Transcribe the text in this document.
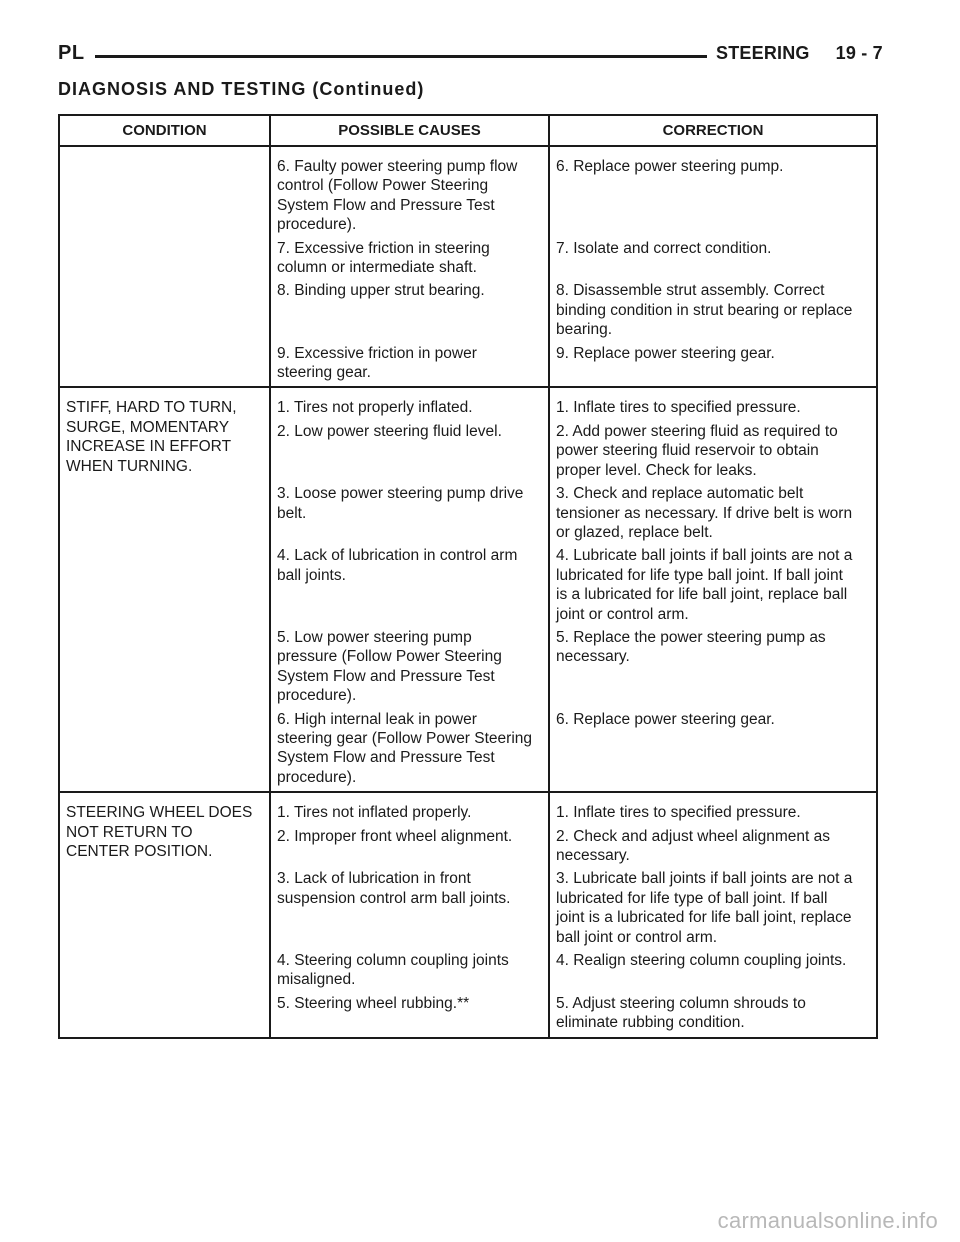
PL	STEERING 19 - 7
DIAGNOSIS AND TESTING (Continued)
CONDITION	POSSIBLE CAUSES	CORRECTION

	6. Faulty power steering pump flow
control (Follow Power Steering
System Flow and Pressure Test
procedure).	6. Replace power steering pump.

	7. Excessive friction in steering
column or intermediate shaft.	7. Isolate and correct condition.

	8. Binding upper strut bearing.	8. Disassemble strut assembly. Correct
binding condition in strut bearing or replace
bearing.

	9. Excessive friction in power
steering gear.	9. Replace power steering gear.

STIFF, HARD TO TURN,
SURGE, MOMENTARY
INCREASE IN EFFORT
WHEN TURNING.	1. Tires not properly inflated.	1. Inflate tires to specified pressure.

	2. Low power steering fluid level.	2. Add power steering fluid as required to
power steering fluid reservoir to obtain
proper level. Check for leaks.

	3. Loose power steering pump drive
belt.	3. Check and replace automatic belt
tensioner as necessary. If drive belt is worn
or glazed, replace belt.

	4. Lack of lubrication in control arm
ball joints.	4. Lubricate ball joints if ball joints are not a
lubricated for life type ball joint. If ball joint
is a lubricated for life ball joint, replace ball
joint or control arm.

	5. Low power steering pump
pressure (Follow Power Steering
System Flow and Pressure Test
procedure).	5. Replace the power steering pump as
necessary.

	6. High internal leak in power
steering gear (Follow Power Steering
System Flow and Pressure Test
procedure).	6. Replace power steering gear.

STEERING WHEEL DOES
NOT RETURN TO
CENTER POSITION.	1. Tires not inflated properly.	1. Inflate tires to specified pressure.

	2. Improper front wheel alignment.	2. Check and adjust wheel alignment as
necessary.

	3. Lack of lubrication in front
suspension control arm ball joints.	3. Lubricate ball joints if ball joints are not a
lubricated for life type of ball joint. If ball
joint is a lubricated for life ball joint, replace
ball joint or control arm.

	4. Steering column coupling joints
misaligned.	4. Realign steering column coupling joints.

	5. Steering wheel rubbing.**	5. Adjust steering column shrouds to
eliminate rubbing condition.
carmanualsonline.info
